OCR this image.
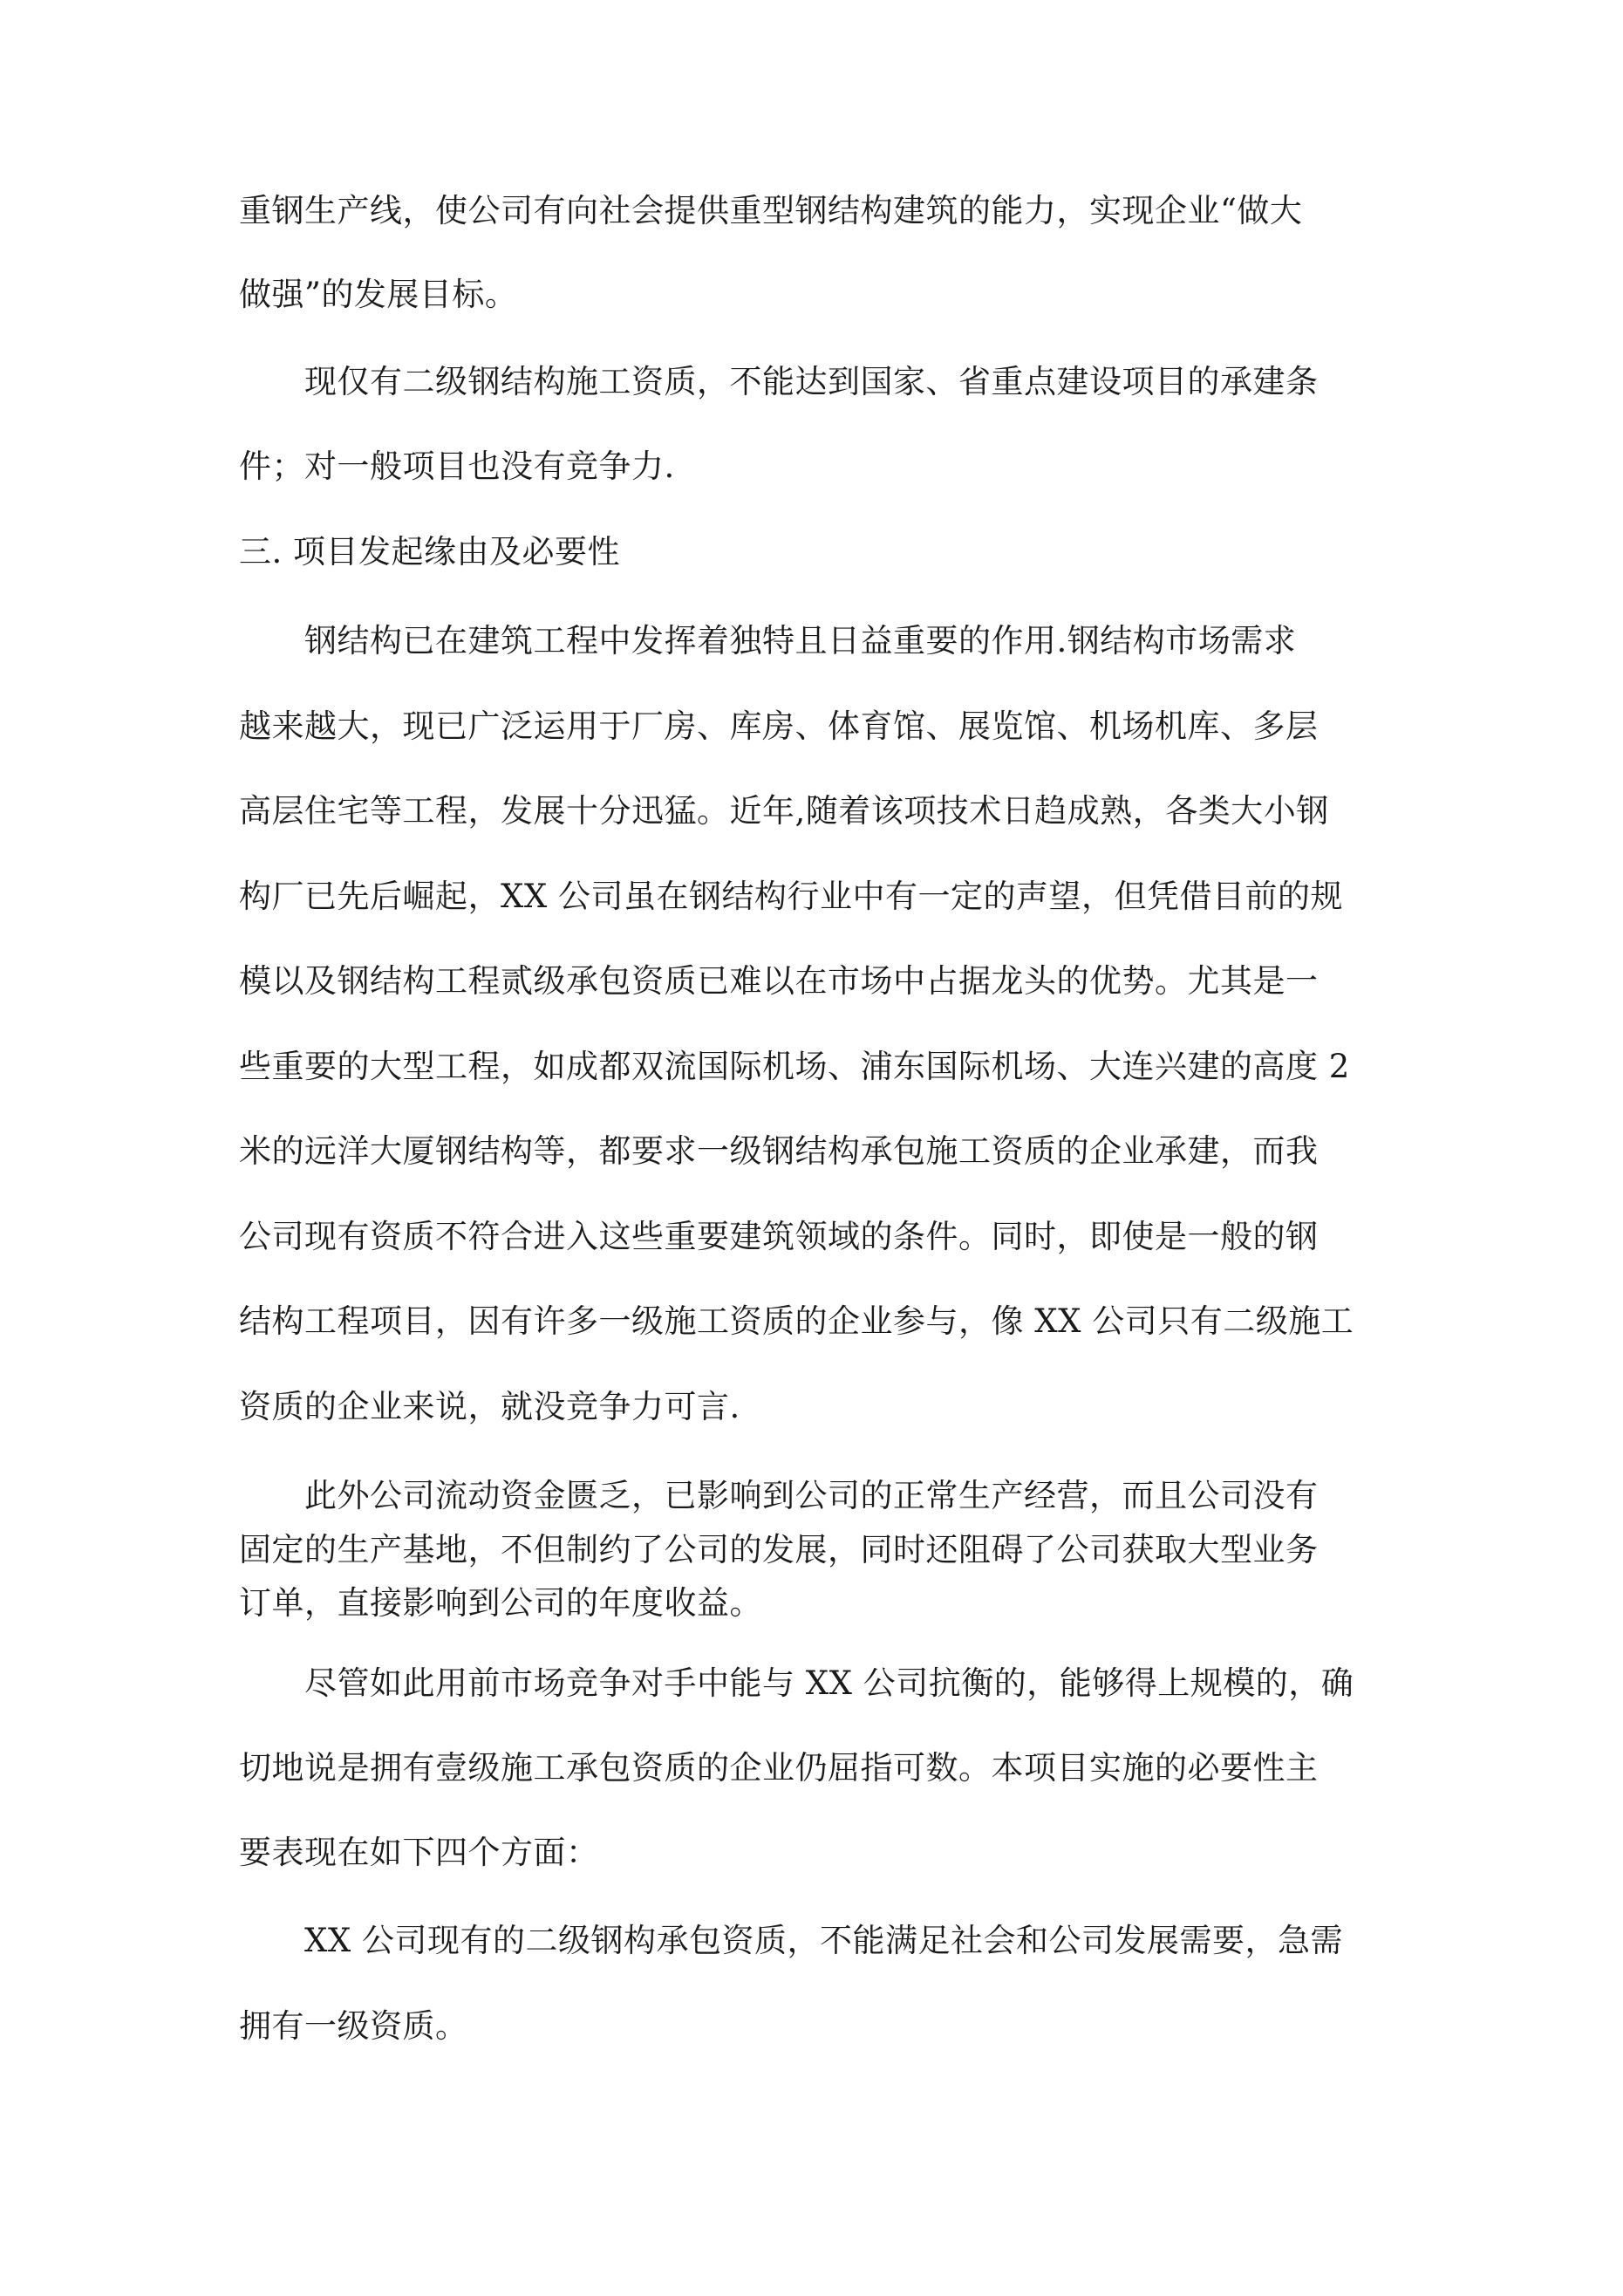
重钢生产线，使公司有向社会提供重型钢结构建筑的能力，实现企业“做大
做强”的发展目标。
现仅有二级钢结构施工资质，不能达到国家、省重点建设项目的承建条
件；对一般项目也没有竞争力.
三. 项目发起缘由及必要性
钢结构已在建筑工程中发挥着独特且日益重要的作用.钢结构市场需求
越来越大，现已广泛运用于厂房、库房、体育馆、展览馆、机场机库、多层
高层住宅等工程，发展十分迅猛。近年,随着该项技术日趋成熟，各类大小钢
构厂已先后崛起，XX 公司虽在钢结构行业中有一定的声望，但凭借目前的规
模以及钢结构工程贰级承包资质已难以在市场中占据龙头的优势。尤其是一
些重要的大型工程，如成都双流国际机场、浦东国际机场、大连兴建的高度 2
米的远洋大厦钢结构等，都要求一级钢结构承包施工资质的企业承建，而我
公司现有资质不符合进入这些重要建筑领域的条件。同时，即使是一般的钢
结构工程项目，因有许多一级施工资质的企业参与，像 XX 公司只有二级施工
资质的企业来说，就没竞争力可言.
此外公司流动资金匮乏，已影响到公司的正常生产经营，而且公司没有
固定的生产基地，不但制约了公司的发展，同时还阻碍了公司获取大型业务
订单，直接影响到公司的年度收益。
尽管如此用前市场竞争对手中能与 XX 公司抗衡的，能够得上规模的，确
切地说是拥有壹级施工承包资质的企业仍屈指可数。本项目实施的必要性主
要表现在如下四个方面：
XX 公司现有的二级钢构承包资质，不能满足社会和公司发展需要，急需
拥有一级资质。
